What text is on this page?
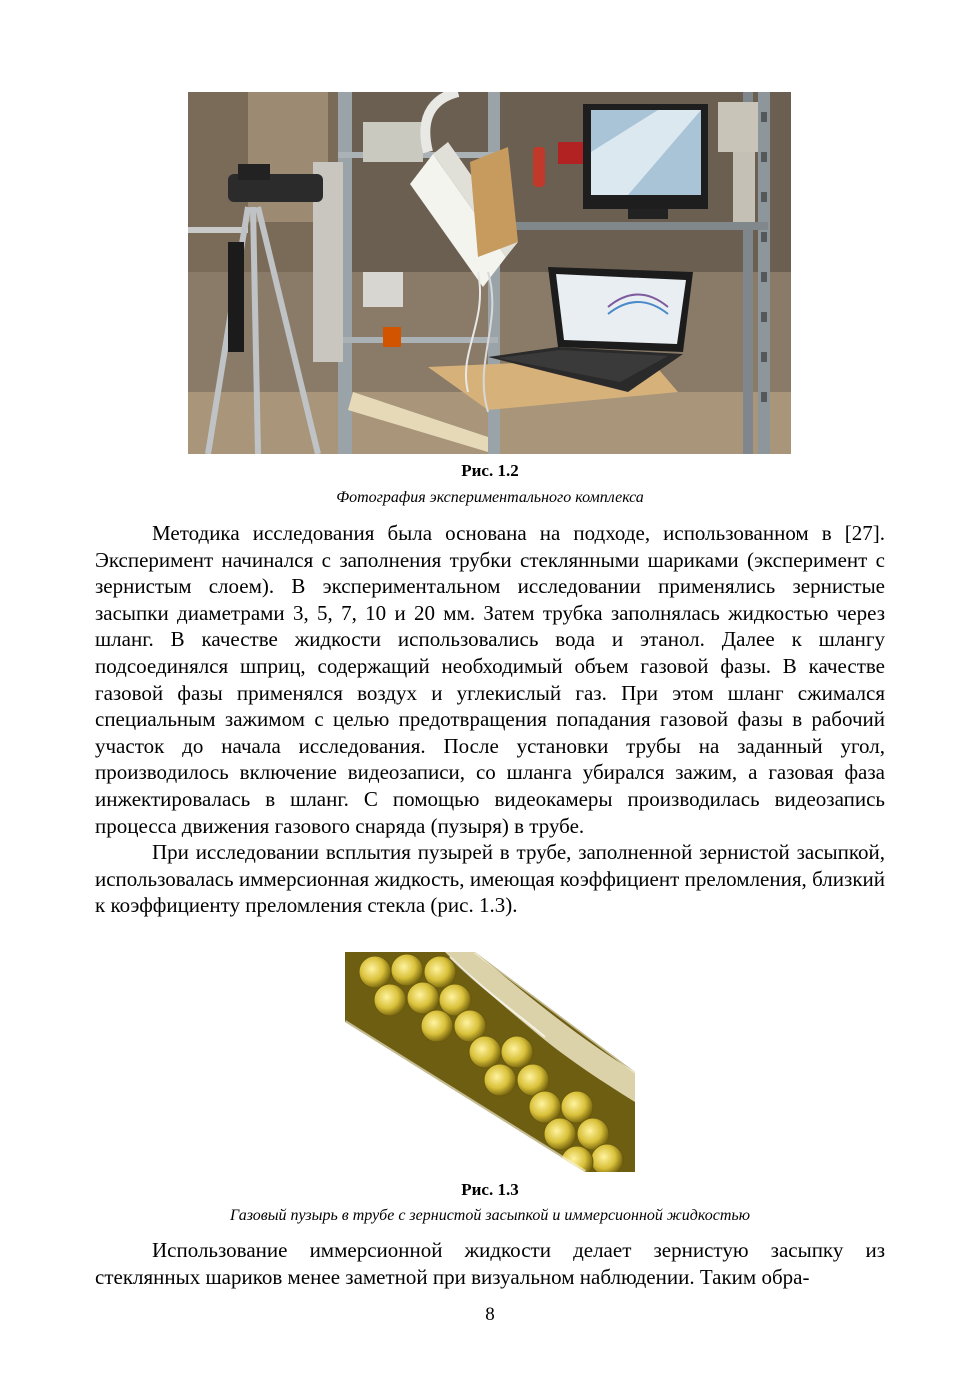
Рис. 1.2
Фотография экспериментального комплекса

Методика исследования была основана на подходе, использованном в [27]. Эксперимент начинался с заполнения трубки стеклянными шариками (эксперимент с зернистым слоем). В экспериментальном исследовании применялись зернистые засыпки диаметрами 3, 5, 7, 10 и 20 мм. Затем трубка заполнялась жидкостью через шланг. В качестве жидкости использовались вода и этанол. Далее к шлангу подсоединялся шприц, содержащий необходимый объем газовой фазы. В качестве газовой фазы применялся воздух и углекислый газ. При этом шланг сжимался специальным зажимом с целью предотвращения попадания газовой фазы в рабочий участок до начала исследования. После установки трубы на заданный угол, производилось включение видеозаписи, со шланга убирался зажим, а газовая фаза инжектировалась в шланг. С помощью видеокамеры производилась видеозапись процесса движения газового снаряда (пузыря) в трубе.

При исследовании всплытия пузырей в трубе, заполненной зернистой засыпкой, использовалась иммерсионная жидкость, имеющая коэффициент преломления, близкий к коэффициенту преломления стекла (рис. 1.3).

Рис. 1.3
Газовый пузырь в трубе с зернистой засыпкой и иммерсионной жидкостью

Использование иммерсионной жидкости делает зернистую засыпку из стеклянных шариков менее заметной при визуальном наблюдении. Таким обра-

8
